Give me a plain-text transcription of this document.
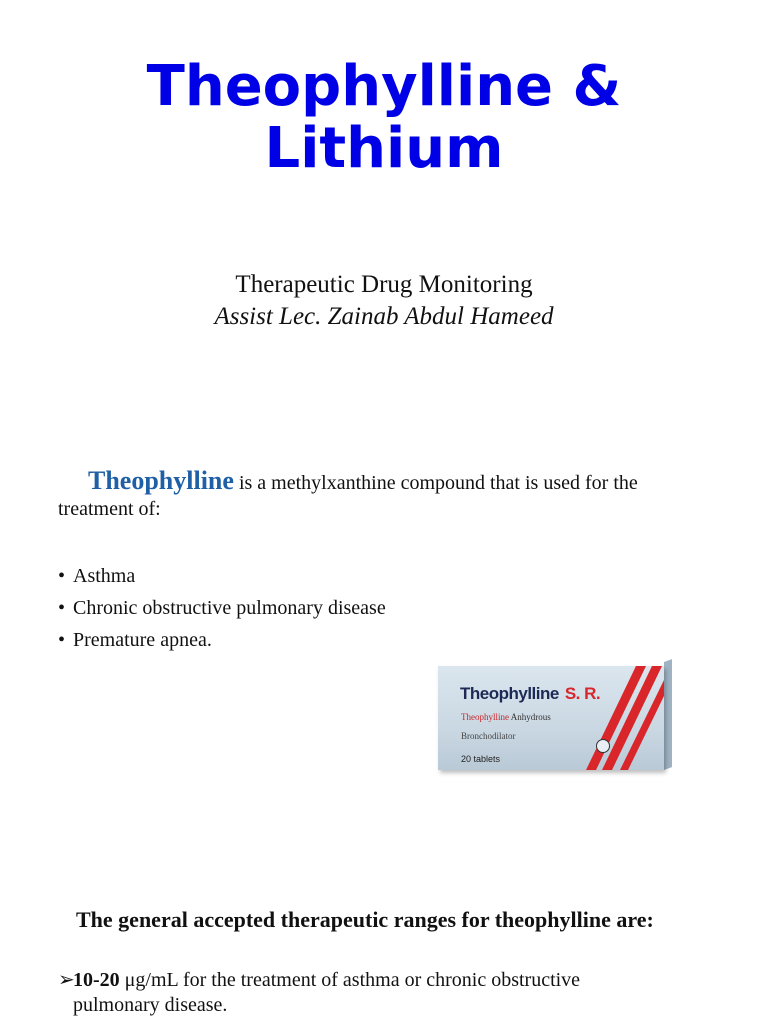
Theophylline &
Lithium
Therapeutic Drug Monitoring
Assist Lec. Zainab Abdul Hameed
Theophylline is a methylxanthine compound that is used for the treatment of:
• Asthma
• Chronic obstructive pulmonary disease
• Premature apnea.
Theophylline S. R.
Theophylline Anhydrous
Bronchodilator
20 tablets
The general accepted therapeutic ranges for theophylline are:
➢10-20 μg/mL for the treatment of asthma or chronic obstructive
pulmonary disease.
